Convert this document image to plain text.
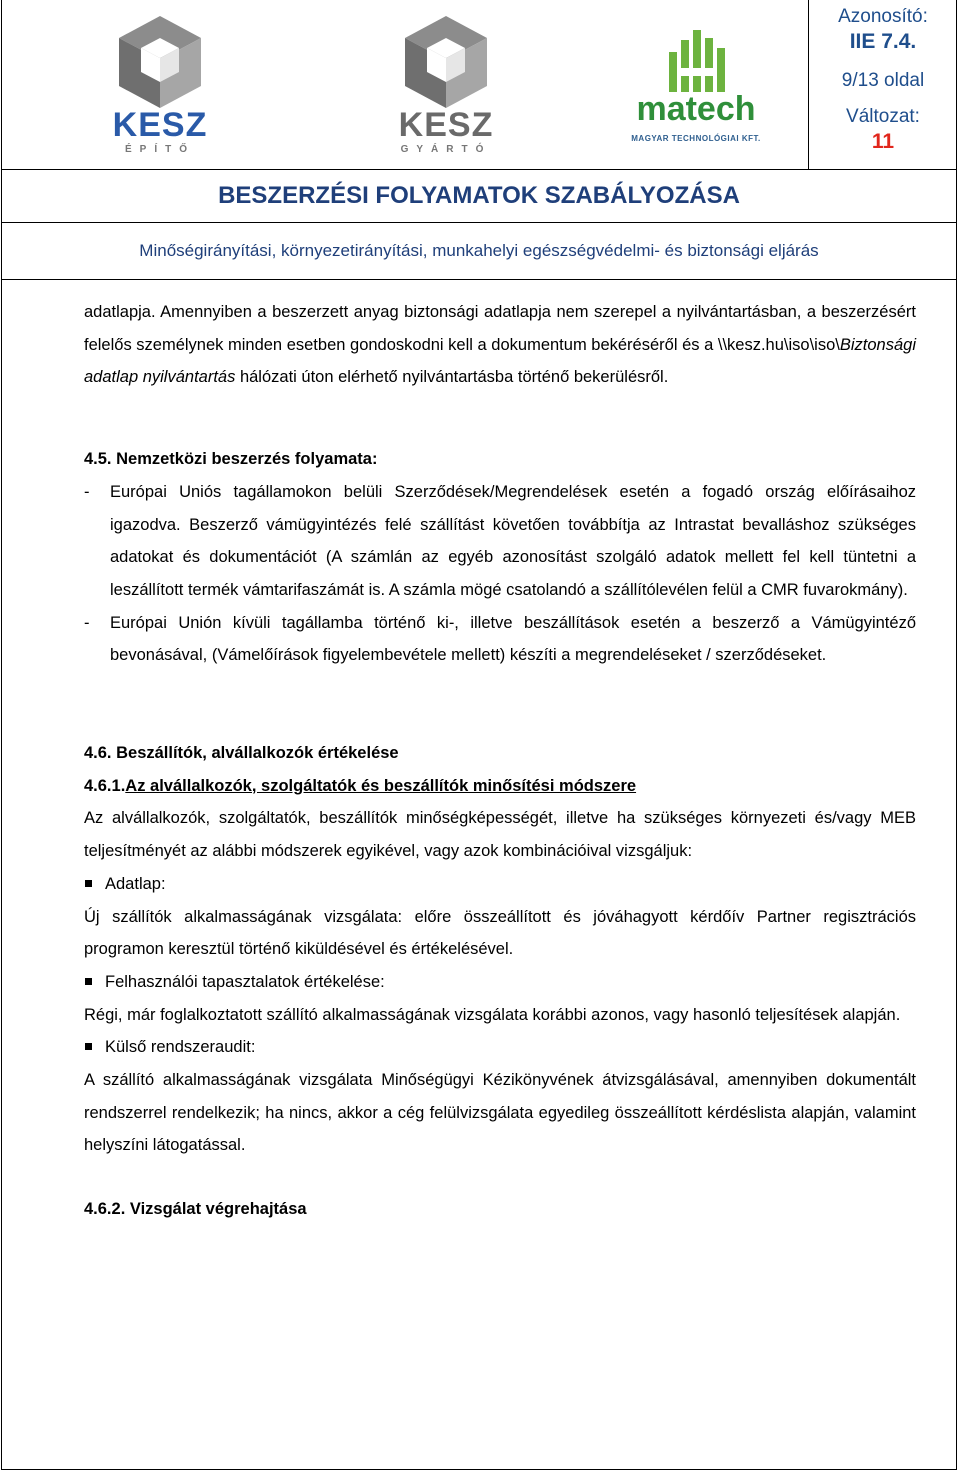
KESZ
ÉPÍTŐ
KESZ
GYÁRTÓ
matech
MAGYAR TECHNOLÓGIAI KFT.
Azonosító:
IIE 7.4.
9/13 oldal
Változat:
11
BESZERZÉSI FOLYAMATOK SZABÁLYOZÁSA
Minőségirányítási, környezetirányítási, munkahelyi egészségvédelmi- és biztonsági eljárás

adatlapja. Amennyiben a beszerzett anyag biztonsági adatlapja nem szerepel a nyilvántartásban, a beszerzésért felelős személynek minden esetben gondoskodni kell a dokumentum bekéréséről és a \\kesz.hu\iso\iso\Biztonsági adatlap nyilvántartás hálózati úton elérhető nyilvántartásba történő bekerülésről.

4.5. Nemzetközi beszerzés folyamata:

- Európai Uniós tagállamokon belüli Szerződések/Megrendelések esetén a fogadó ország előírásaihoz igazodva. Beszerző vámügyintézés felé szállítást követően továbbítja az Intrastat bevalláshoz szükséges adatokat és dokumentációt (A számlán az egyéb azonosítást szolgáló adatok mellett fel kell tüntetni a leszállított termék vámtarifaszámát is. A számla mögé csatolandó a szállítólevélen felül a CMR fuvarokmány).
- Európai Unión kívüli tagállamba történő ki-, illetve beszállítások esetén a beszerző a Vámügyintéző bevonásával, (Vámelőírások figyelembevétele mellett) készíti a megrendeléseket / szerződéseket.

4.6. Beszállítók, alvállalkozók értékelése

4.6.1.Az alvállalkozók, szolgáltatók és beszállítók minősítési módszere

Az alvállalkozók, szolgáltatók, beszállítók minőségképességét, illetve ha szükséges környezeti és/vagy MEB teljesítményét az alábbi módszerek egyikével, vagy azok kombinációival vizsgáljuk:

Adatlap:

Új szállítók alkalmasságának vizsgálata: előre összeállított és jóváhagyott kérdőív Partner regisztrációs programon keresztül történő kiküldésével és értékelésével.

Felhasználói tapasztalatok értékelése:

Régi, már foglalkoztatott szállító alkalmasságának vizsgálata korábbi azonos, vagy hasonló teljesítések alapján.

Külső rendszeraudit:

A szállító alkalmasságának vizsgálata Minőségügyi Kézikönyvének átvizsgálásával, amennyiben dokumentált rendszerrel rendelkezik; ha nincs, akkor a cég felülvizsgálata egyedileg összeállított kérdéslista alapján, valamint helyszíni látogatással.

4.6.2. Vizsgálat végrehajtása
